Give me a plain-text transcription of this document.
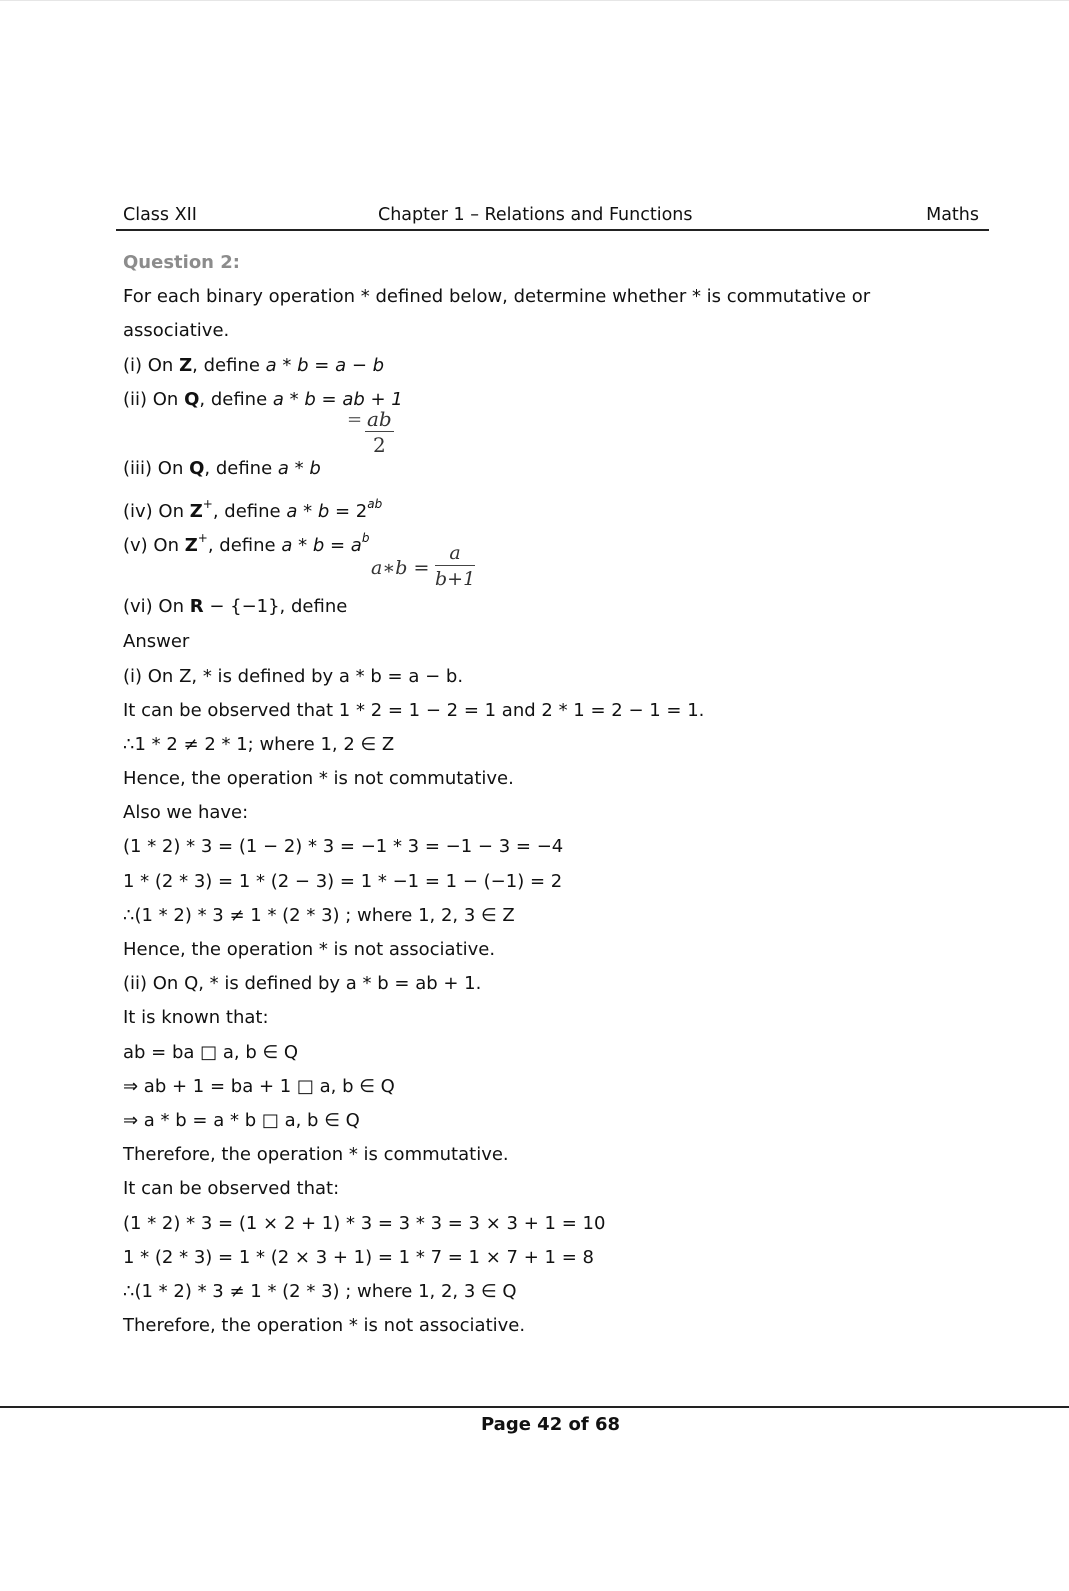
Class XII	Chapter 1 – Relations and Functions	Maths
Question 2:
For each binary operation * defined below, determine whether * is commutative or
associative.
(i) On Z, define a * b = a − b
(ii) On Q, define a * b = ab + 1
(iii) On Q, define a * b
= $\frac{ab}{2}$
(iv) On Z+, define $a * b = 2^{ab}$
(v) On Z+, define $a * b = a^b$
(vi) On R − {−1}, define
a∗b = $\frac{a}{b+1}$
Answer
(i) On Z, * is defined by a * b = a − b.
It can be observed that 1 * 2 = 1 − 2 = 1 and 2 * 1 = 2 − 1 = 1.
∴1 * 2 ≠ 2 * 1; where 1, 2 ∈ Z
Hence, the operation * is not commutative.
Also we have:
(1 * 2) * 3 = (1 − 2) * 3 = −1 * 3 = −1 − 3 = −4
1 * (2 * 3) = 1 * (2 − 3) = 1 * −1 = 1 − (−1) = 2
∴(1 * 2) * 3 ≠ 1 * (2 * 3) ; where 1, 2, 3 ∈ Z
Hence, the operation * is not associative.
(ii) On Q, * is defined by a * b = ab + 1.
It is known that:
ab = ba □ a, b ∈ Q
⇒ ab + 1 = ba + 1 □ a, b ∈ Q
⇒ a * b = a * b □ a, b ∈ Q
Therefore, the operation * is commutative.
It can be observed that:
(1 * 2) * 3 = (1 × 2 + 1) * 3 = 3 * 3 = 3 × 3 + 1 = 10
1 * (2 * 3) = 1 * (2 × 3 + 1) = 1 * 7 = 1 × 7 + 1 = 8
∴(1 * 2) * 3 ≠ 1 * (2 * 3) ; where 1, 2, 3 ∈ Q
Therefore, the operation * is not associative.
Page 42 of 68
